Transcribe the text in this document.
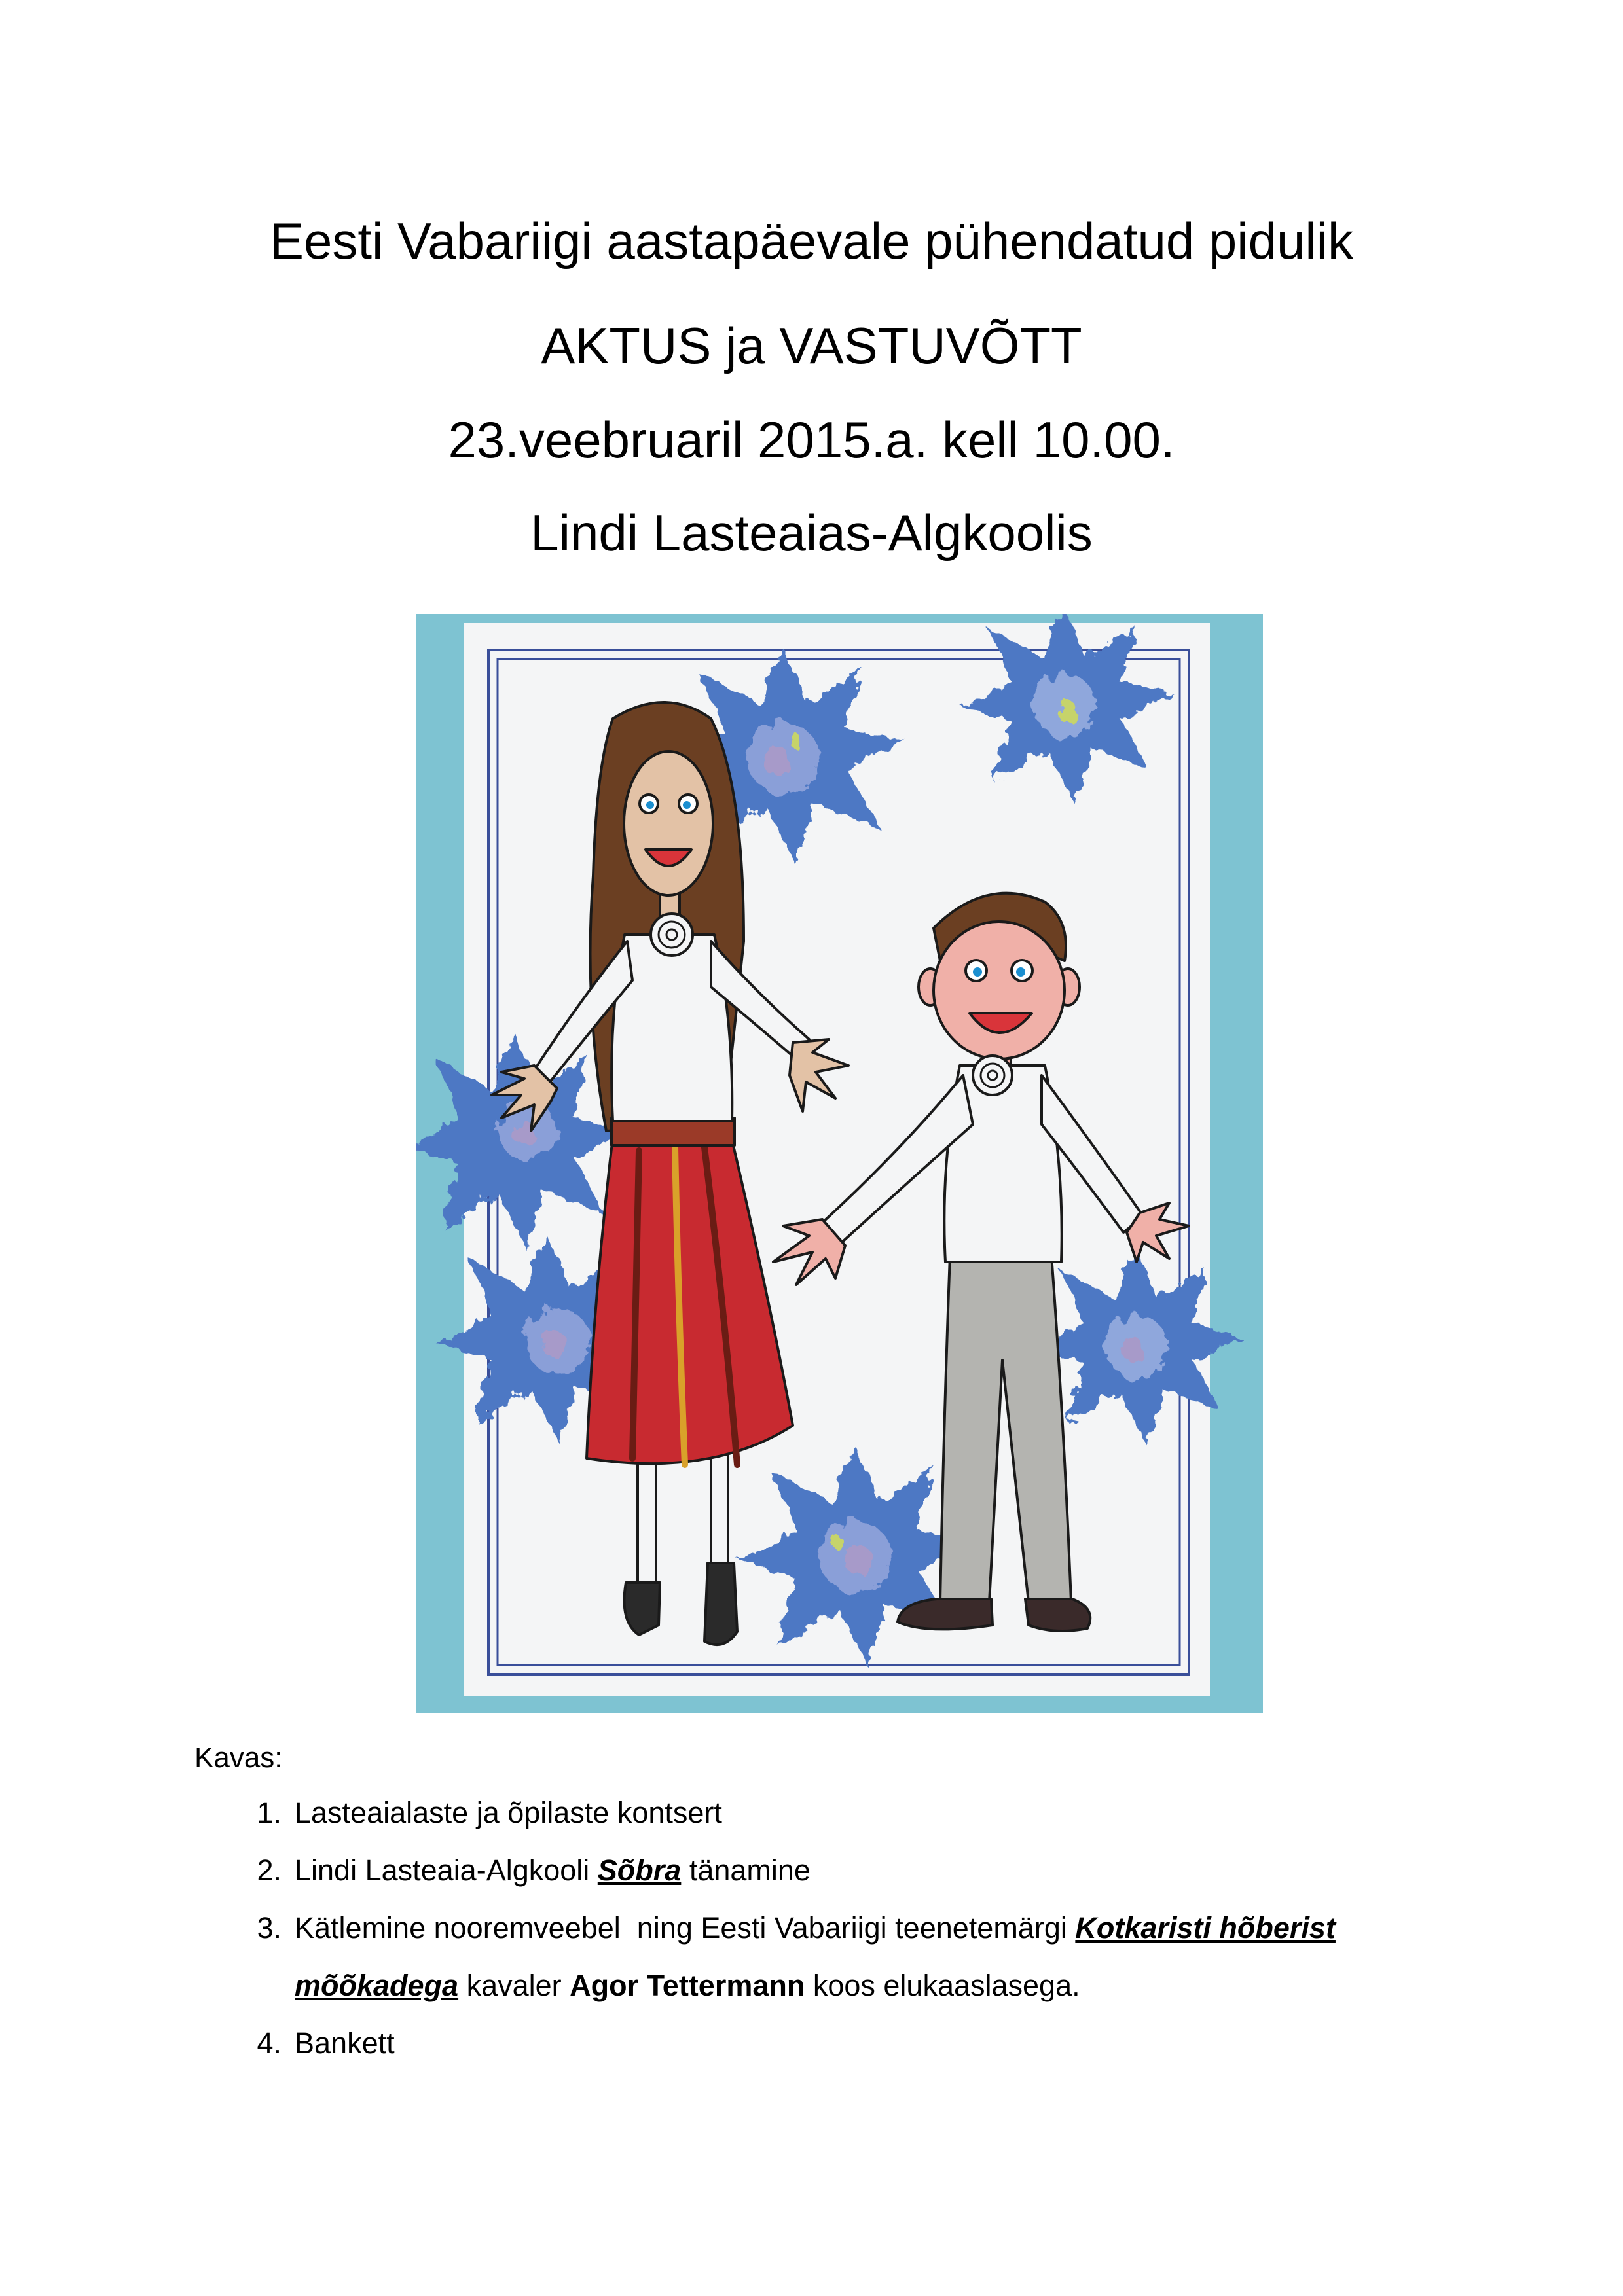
Eesti Vabariigi aastapäevale pühendatud pidulik
AKTUS ja VASTUVÕTT
23.veebruaril 2015.a. kell 10.00.
Lindi Lasteaias-Algkoolis
Kavas:
1. Lasteaialaste ja õpilaste kontsert
2. Lindi Lasteaia-Algkooli Sõbra tänamine
3. Kätlemine nooremveebel  ning Eesti Vabariigi teenetemärgi Kotkaristi hõberist
mõõkadega kavaler Agor Tettermann koos elukaaslasega.
4. Bankett
